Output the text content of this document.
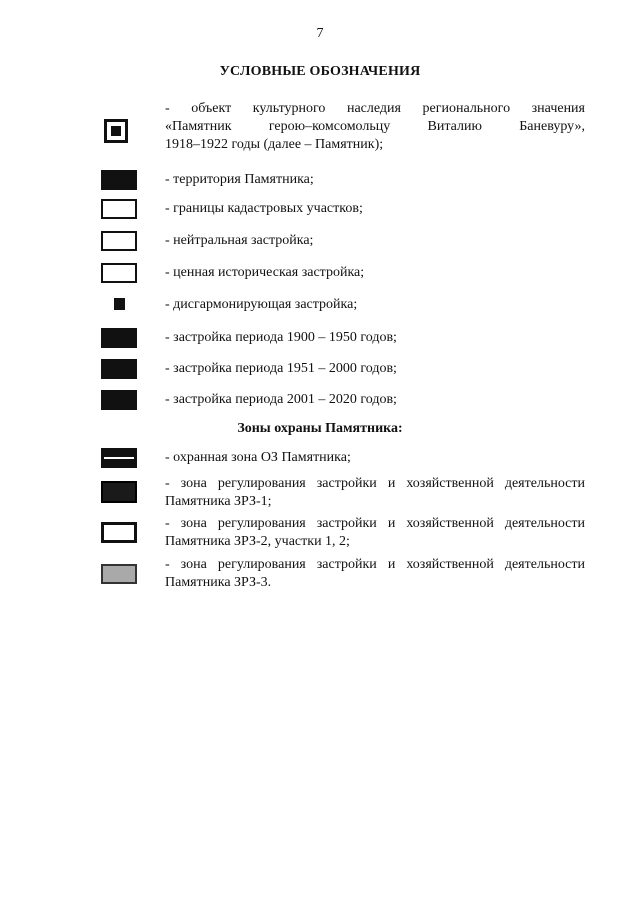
7
УСЛОВНЫЕ ОБОЗНАЧЕНИЯ
- объект культурного наследия регионального значения
«Памятник герою–комсомольцу Виталию Баневуру»,
1918–1922 годы (далее – Памятник);
- территория Памятника;
- границы кадастровых участков;
- нейтральная застройка;
- ценная историческая застройка;
- дисгармонирующая застройка;
- застройка периода 1900 – 1950 годов;
- застройка периода 1951 – 2000 годов;
- застройка периода 2001 – 2020 годов;
Зоны охраны Памятника:
- охранная зона ОЗ Памятника;
- зона регулирования застройки и хозяйственной деятельности
Памятника ЗРЗ-1;
- зона регулирования застройки и хозяйственной деятельности
Памятника ЗРЗ-2, участки 1, 2;
- зона регулирования застройки и хозяйственной деятельности
Памятника ЗРЗ-3.
